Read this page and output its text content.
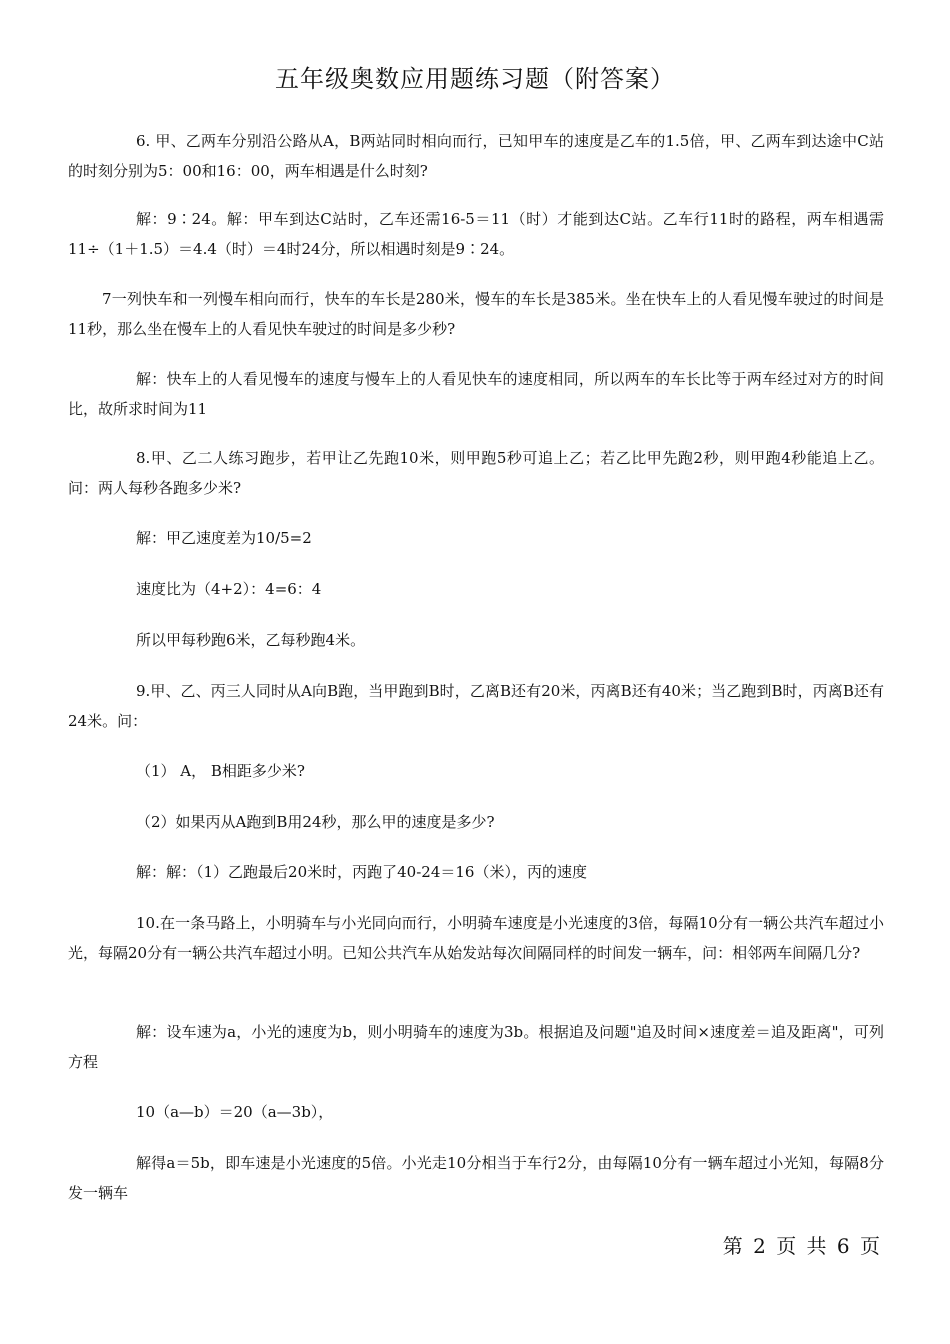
五年级奥数应用题练习题（附答案）
6. 甲、乙两车分别沿公路从A，B两站同时相向而行，已知甲车的速度是乙车的1.5倍，甲、乙两车到达途中C站的时刻分别为5：00和16：00，两车相遇是什么时刻?
解：9∶24。解：甲车到达C站时，乙车还需16-5＝11（时）才能到达C站。乙车行11时的路程，两车相遇需11÷（1＋1.5）＝4.4（时）＝4时24分，所以相遇时刻是9∶24。
7一列快车和一列慢车相向而行，快车的车长是280米，慢车的车长是385米。坐在快车上的人看见慢车驶过的时间是11秒，那么坐在慢车上的人看见快车驶过的时间是多少秒?
解：快车上的人看见慢车的速度与慢车上的人看见快车的速度相同，所以两车的车长比等于两车经过对方的时间比，故所求时间为11
8.甲、乙二人练习跑步，若甲让乙先跑10米，则甲跑5秒可追上乙；若乙比甲先跑2秒，则甲跑4秒能追上乙。问：两人每秒各跑多少米?
解：甲乙速度差为10/5=2
速度比为（4+2）：4=6：4
所以甲每秒跑6米，乙每秒跑4米。
9.甲、乙、丙三人同时从A向B跑，当甲跑到B时，乙离B还有20米，丙离B还有40米；当乙跑到B时，丙离B还有24米。问：
（1） A， B相距多少米?
（2）如果丙从A跑到B用24秒，那么甲的速度是多少?
解：解：（1）乙跑最后20米时，丙跑了40-24＝16（米），丙的速度
10.在一条马路上，小明骑车与小光同向而行，小明骑车速度是小光速度的3倍，每隔10分有一辆公共汽车超过小光，每隔20分有一辆公共汽车超过小明。已知公共汽车从始发站每次间隔同样的时间发一辆车，问：相邻两车间隔几分?
解：设车速为a，小光的速度为b，则小明骑车的速度为3b。根据追及问题"追及时间×速度差＝追及距离"，可列方程
10（a—b）＝20（a—3b），
解得a＝5b，即车速是小光速度的5倍。小光走10分相当于车行2分，由每隔10分有一辆车超过小光知，每隔8分发一辆车
第 2 页 共 6 页
